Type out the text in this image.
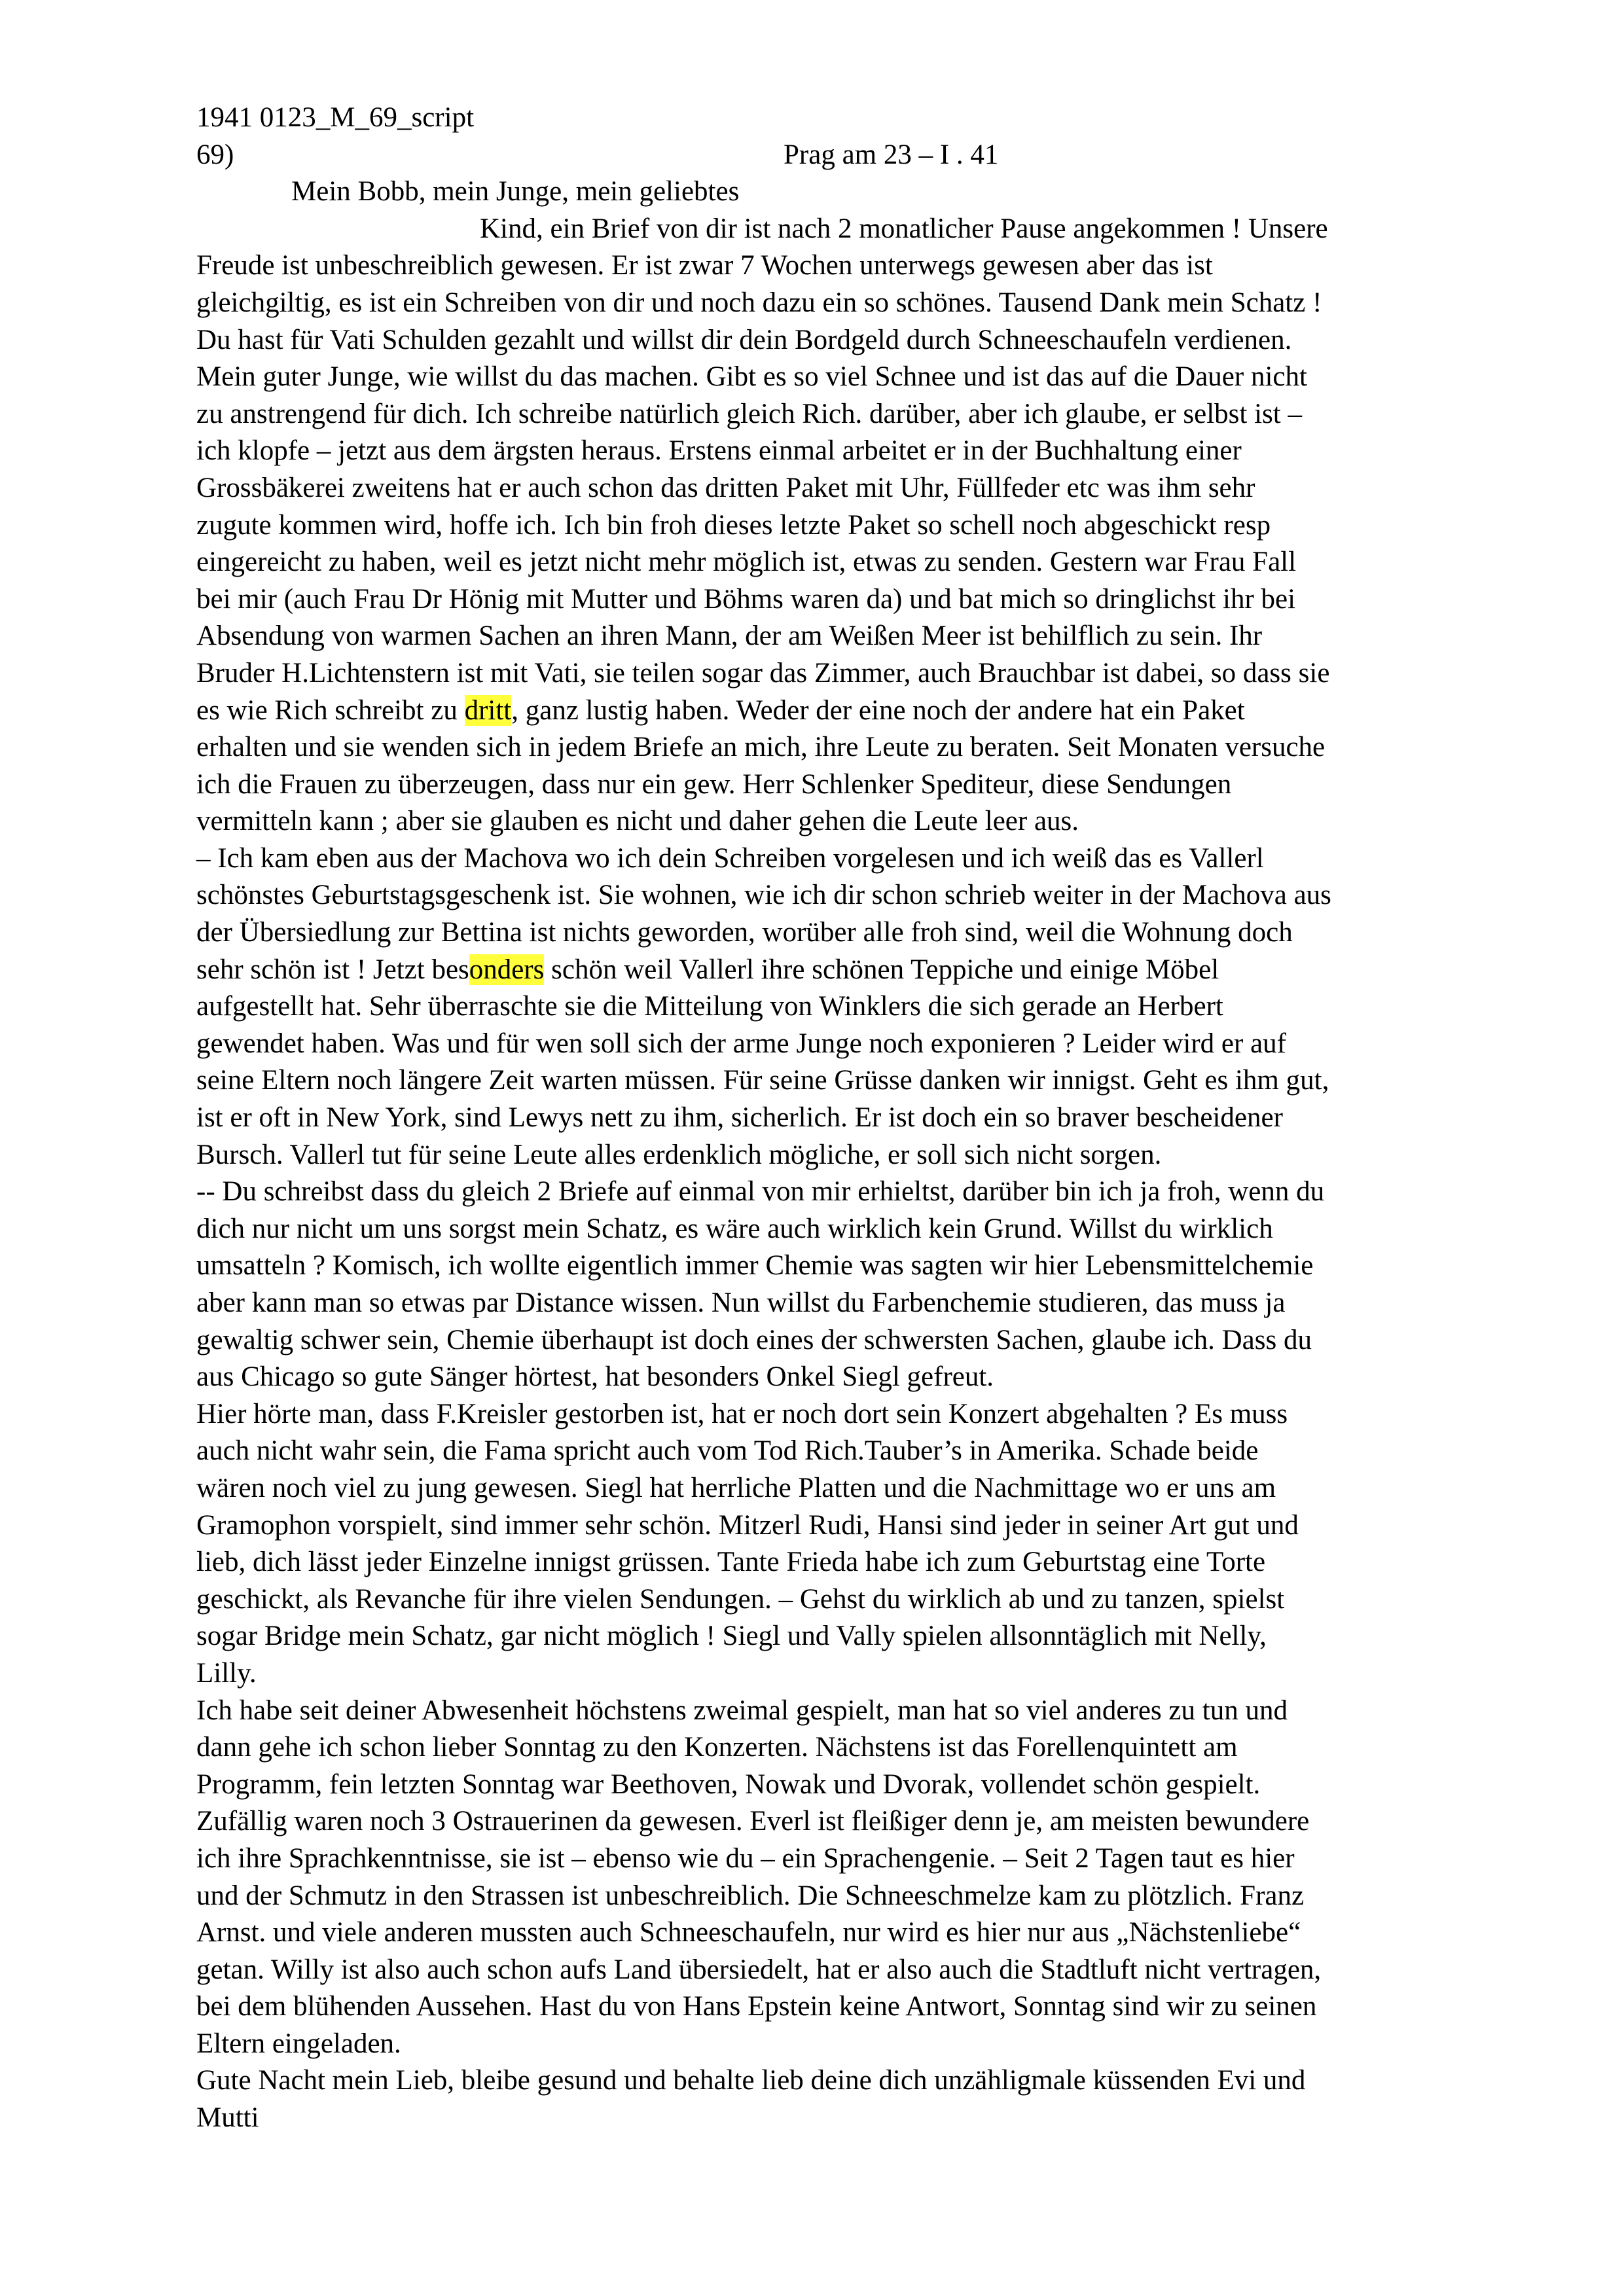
1941 0123_M_69_script
69)	Prag am 23 – I . 41
Mein Bobb, mein Junge, mein geliebtes
Kind, ein Brief von dir ist nach 2 monatlicher Pause angekommen ! Unsere
Freude ist unbeschreiblich gewesen. Er ist zwar 7 Wochen unterwegs gewesen aber das ist
gleichgiltig, es ist ein Schreiben von dir und noch dazu ein so schönes. Tausend Dank mein Schatz !
Du hast für Vati Schulden gezahlt und willst dir dein Bordgeld durch Schneeschaufeln verdienen.
Mein guter Junge, wie willst du das machen. Gibt es so viel Schnee und ist das auf die Dauer nicht
zu anstrengend für dich. Ich schreibe natürlich gleich Rich. darüber, aber ich glaube, er selbst ist –
ich klopfe – jetzt aus dem ärgsten heraus. Erstens einmal arbeitet er in der Buchhaltung einer
Grossbäkerei zweitens hat er auch schon das dritten Paket mit Uhr, Füllfeder etc was ihm sehr
zugute kommen wird, hoffe ich. Ich bin froh dieses letzte Paket so schell noch abgeschickt resp
eingereicht zu haben, weil es jetzt nicht mehr möglich ist, etwas zu senden. Gestern war Frau Fall
bei mir (auch Frau Dr Hönig mit Mutter und Böhms waren da) und bat mich so dringlichst ihr bei
Absendung von warmen Sachen an ihren Mann, der am Weißen Meer ist behilflich zu sein. Ihr
Bruder H.Lichtenstern ist mit Vati, sie teilen sogar das Zimmer, auch Brauchbar ist dabei, so dass sie
es wie Rich schreibt zu dritt, ganz lustig haben. Weder der eine noch der andere hat ein Paket
erhalten und sie wenden sich in jedem Briefe an mich, ihre Leute zu beraten. Seit Monaten versuche
ich die Frauen zu überzeugen, dass nur ein gew. Herr Schlenker Spediteur, diese Sendungen
vermitteln kann ; aber sie glauben es nicht und daher gehen die Leute leer aus.
– Ich kam eben aus der Machova wo ich dein Schreiben vorgelesen und ich weiß das es Vallerl
schönstes Geburtstagsgeschenk ist. Sie wohnen, wie ich dir schon schrieb weiter in der Machova aus
der Übersiedlung zur Bettina ist nichts geworden, worüber alle froh sind, weil die Wohnung doch
sehr schön ist ! Jetzt besonders schön weil Vallerl ihre schönen Teppiche und einige Möbel
aufgestellt hat. Sehr überraschte sie die Mitteilung von Winklers die sich gerade an Herbert
gewendet haben. Was und für wen soll sich der arme Junge noch exponieren ? Leider wird er auf
seine Eltern noch längere Zeit warten müssen. Für seine Grüsse danken wir innigst. Geht es ihm gut,
ist er oft in New York, sind Lewys nett zu ihm, sicherlich. Er ist doch ein so braver bescheidener
Bursch. Vallerl tut für seine Leute alles erdenklich mögliche, er soll sich nicht sorgen.
-- Du schreibst dass du gleich 2 Briefe auf einmal von mir erhieltst, darüber bin ich ja froh, wenn du
dich nur nicht um uns sorgst mein Schatz, es wäre auch wirklich kein Grund. Willst du wirklich
umsatteln ? Komisch, ich wollte eigentlich immer Chemie was sagten wir hier Lebensmittelchemie
aber kann man so etwas par Distance wissen. Nun willst du Farbenchemie studieren, das muss ja
gewaltig schwer sein, Chemie überhaupt ist doch eines der schwersten Sachen, glaube ich. Dass du
aus Chicago so gute Sänger hörtest, hat besonders Onkel Siegl gefreut.
Hier hörte man, dass F.Kreisler gestorben ist, hat er noch dort sein Konzert abgehalten ? Es muss
auch nicht wahr sein, die Fama spricht auch vom Tod Rich.Tauber’s in Amerika. Schade beide
wären noch viel zu jung gewesen. Siegl hat herrliche Platten und die Nachmittage wo er uns am
Gramophon vorspielt, sind immer sehr schön. Mitzerl Rudi, Hansi sind jeder in seiner Art gut und
lieb, dich lässt jeder Einzelne innigst grüssen. Tante Frieda habe ich zum Geburtstag eine Torte
geschickt, als Revanche für ihre vielen Sendungen. – Gehst du wirklich ab und zu tanzen, spielst
sogar Bridge mein Schatz, gar nicht möglich ! Siegl und Vally spielen allsonntäglich mit Nelly,
Lilly.
Ich habe seit deiner Abwesenheit höchstens zweimal gespielt, man hat so viel anderes zu tun und
dann gehe ich schon lieber Sonntag zu den Konzerten. Nächstens ist das Forellenquintett am
Programm, fein letzten Sonntag war Beethoven, Nowak und Dvorak, vollendet schön gespielt.
Zufällig waren noch 3 Ostrauerinen da gewesen. Everl ist fleißiger denn je, am meisten bewundere
ich ihre Sprachkenntnisse, sie ist – ebenso wie du – ein Sprachengenie. – Seit 2 Tagen taut es hier
und der Schmutz in den Strassen ist unbeschreiblich. Die Schneeschmelze kam zu plötzlich. Franz
Arnst. und viele anderen mussten auch Schneeschaufeln, nur wird es hier nur aus „Nächstenliebe“
getan. Willy ist also auch schon aufs Land übersiedelt, hat er also auch die Stadtluft nicht vertragen,
bei dem blühenden Aussehen. Hast du von Hans Epstein keine Antwort, Sonntag sind wir zu seinen
Eltern eingeladen.
Gute Nacht mein Lieb, bleibe gesund und behalte lieb deine dich unzähligmale küssenden Evi und
Mutti
